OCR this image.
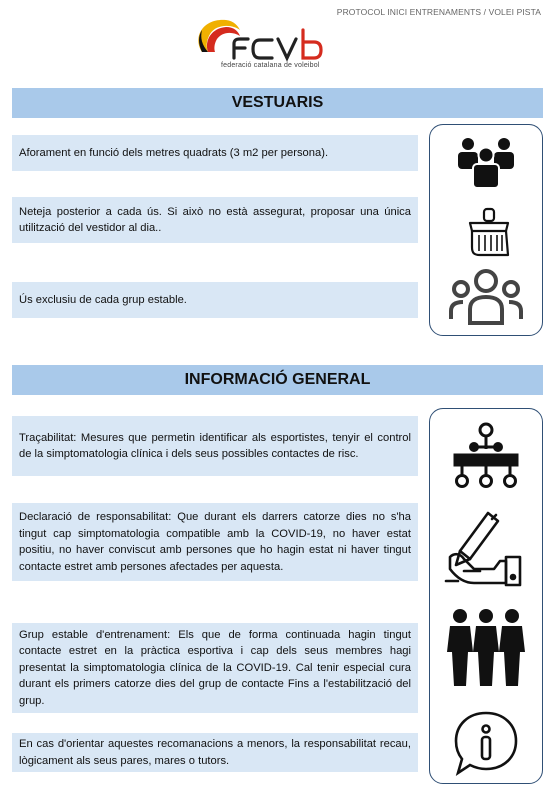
PROTOCOL INICI ENTRENAMENTS / VOLEI PISTA
federació catalana de voleibol
VESTUARIS
Aforament en funció dels metres quadrats (3 m2 per persona).
Neteja posterior a cada ús. Si això no està assegurat, proposar una única utilització del vestidor al dia..
Ús exclusiu de cada grup estable.
INFORMACIÓ GENERAL
Traçabilitat: Mesures que permetin identificar als esportistes, tenyir el control de la simptomatologia clínica i dels seus possibles contactes de risc.
Declaració de responsabilitat: Que durant els darrers catorze dies no s'ha tingut cap simptomatologia compatible amb la COVID-19, no haver estat positiu, no haver conviscut amb persones que ho hagin estat ni haver tingut contacte estret amb persones afectades per aquesta.
Grup estable d'entrenament: Els que de forma continuada hagin tingut contacte estret en la pràctica esportiva i cap dels seus membres hagi presentat la simptomatologia clínica de la COVID-19. Cal tenir especial cura durant els primers catorze dies del grup de contacte Fins a l'estabilització del grup.
En cas d'orientar aquestes recomanacions a menors, la responsabilitat recau, lògicament als seus pares, mares o tutors.
